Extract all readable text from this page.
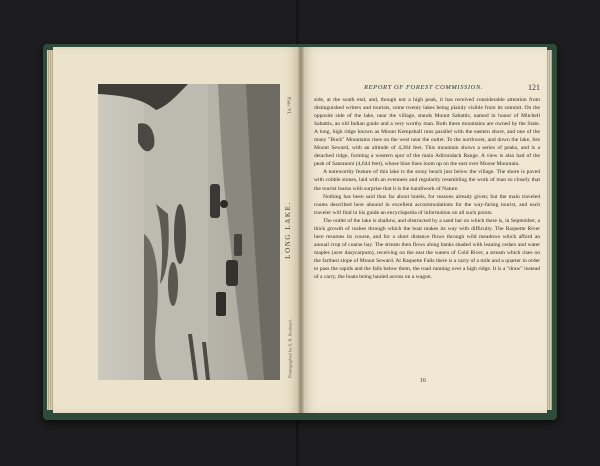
Plate VI.
LONG LAKE.
Photographed by S. R. Stoddard.
REPORT OF FOREST COMMISSION.	121

side, at the south end, and, though not a high peak, it has received considerable attention from distinguished writers and tourists, some twenty lakes being plainly visible from its summit. On the opposite side of the lake, near the village, stands Mount Sabattis, named in honor of Mitchell Sabattis, an old Indian guide and a very worthy man. Both these mountains are owned by the State. A long, high ridge known as Mount Kempshall runs parallel with the eastern shore, and one of the many "Buck" Mountains rises on the west near the outlet. To the northwest, and down the lake, lies Mount Seward, with an altitude of 4,384 feet. This mountain shows a series of peaks, and is a detached ridge, forming a western spur of the main Adirondack Range. A view is also had of the peak of Santanoni (4,644 feet), whose blue lines loom up on the east over Moose Mountain.

A noteworthy feature of this lake is the stony beach just below the village. The shore is paved with cobble stones, laid with an evenness and regularity resembling the work of man so closely that the tourist learns with surprise that it is the handiwork of Nature.

Nothing has been said thus far about hotels, for reasons already given; but the main traveled routes described here abound in excellent accommodations for the way-faring tourist, and each traveler will find in his guide an encyclopedia of information on all such points.

The outlet of the lake is shallow, and obstructed by a sand bar on which there is, in September, a thick growth of rushes through which the boat makes its way with difficulty. The Raquette River here resumes its course, and for a short distance flows through wild meadows which afford an annual crop of coarse hay. The stream then flows along banks shaded with leaning cedars and water maples (acer dasycarpum), receiving on the east the waters of Cold River, a stream which rises on the farthest slope of Mount Seward. At Raquette Falls there is a carry of a mile and a quarter in order to pass the rapids and the falls below them, the road running over a high ridge. It is a "draw" instead of a carry, the boats being hauled across on a wagon.

16
